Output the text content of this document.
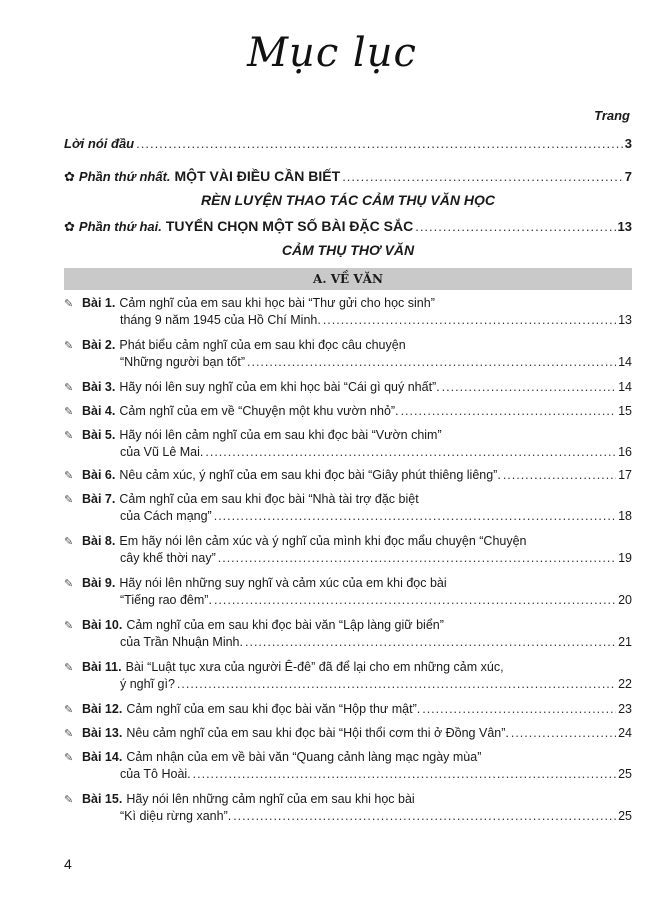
Mục lục
Trang
Lời nói đầu .....	3
✿ Phần thứ nhất. MỘT VÀI ĐIỀU CẦN BIẾT .....	7
RÈN LUYỆN THAO TÁC CẢM THỤ VĂN HỌC
✿ Phần thứ hai. TUYỂN CHỌN MỘT SỐ BÀI ĐẶC SẮC .....	13
CẢM THỤ THƠ VĂN
A. VỀ VĂN
✎ Bài 1. Cảm nghĩ của em sau khi học bài “Thư gửi cho học sinh”
tháng 9 năm 1945 của Hồ Chí Minh. .....	13
✎ Bài 2. Phát biểu cảm nghĩ của em sau khi đọc câu chuyện
“Những người bạn tốt” .....	14
✎ Bài 3. Hãy nói lên suy nghĩ của em khi học bài “Cái gì quý nhất”. .....	14
✎ Bài 4. Cảm nghĩ của em về “Chuyện một khu vườn nhỏ”. .....	15
✎ Bài 5. Hãy nói lên cảm nghĩ của em sau khi đọc bài “Vườn chim”
của Vũ Lê Mai. .....	16
✎ Bài 6. Nêu cảm xúc, ý nghĩ của em sau khi đọc bài “Giây phút thiêng liêng”. .....	17
✎ Bài 7. Cảm nghĩ của em sau khi đọc bài “Nhà tài trợ đặc biệt
của Cách mạng” .....	18
✎ Bài 8. Em hãy nói lên cảm xúc và ý nghĩ của mình khi đọc mẩu chuyện “Chuyện
cây khế thời nay” .....	19
✎ Bài 9. Hãy nói lên những suy nghĩ và cảm xúc của em khi đọc bài
“Tiếng rao đêm”. .....	20
✎ Bài 10. Cảm nghĩ của em sau khi đọc bài văn “Lập làng giữ biển”
của Trần Nhuận Minh. .....	21
✎ Bài 11. Bài “Luật tục xưa của người Ê-đê” đã để lại cho em những cảm xúc,
ý nghĩ gì? .....	22
✎ Bài 12. Cảm nghĩ của em sau khi đọc bài văn “Hộp thư mật”. .....	23
✎ Bài 13. Nêu cảm nghĩ của em sau khi đọc bài “Hội thổi cơm thi ở Đồng Vân”. .....	24
✎ Bài 14. Cảm nhận của em về bài văn “Quang cảnh làng mạc ngày mùa”
của Tô Hoài. .....	25
✎ Bài 15. Hãy nói lên những cảm nghĩ của em sau khi học bài
“Kì diệu rừng xanh”. .....	25
4
